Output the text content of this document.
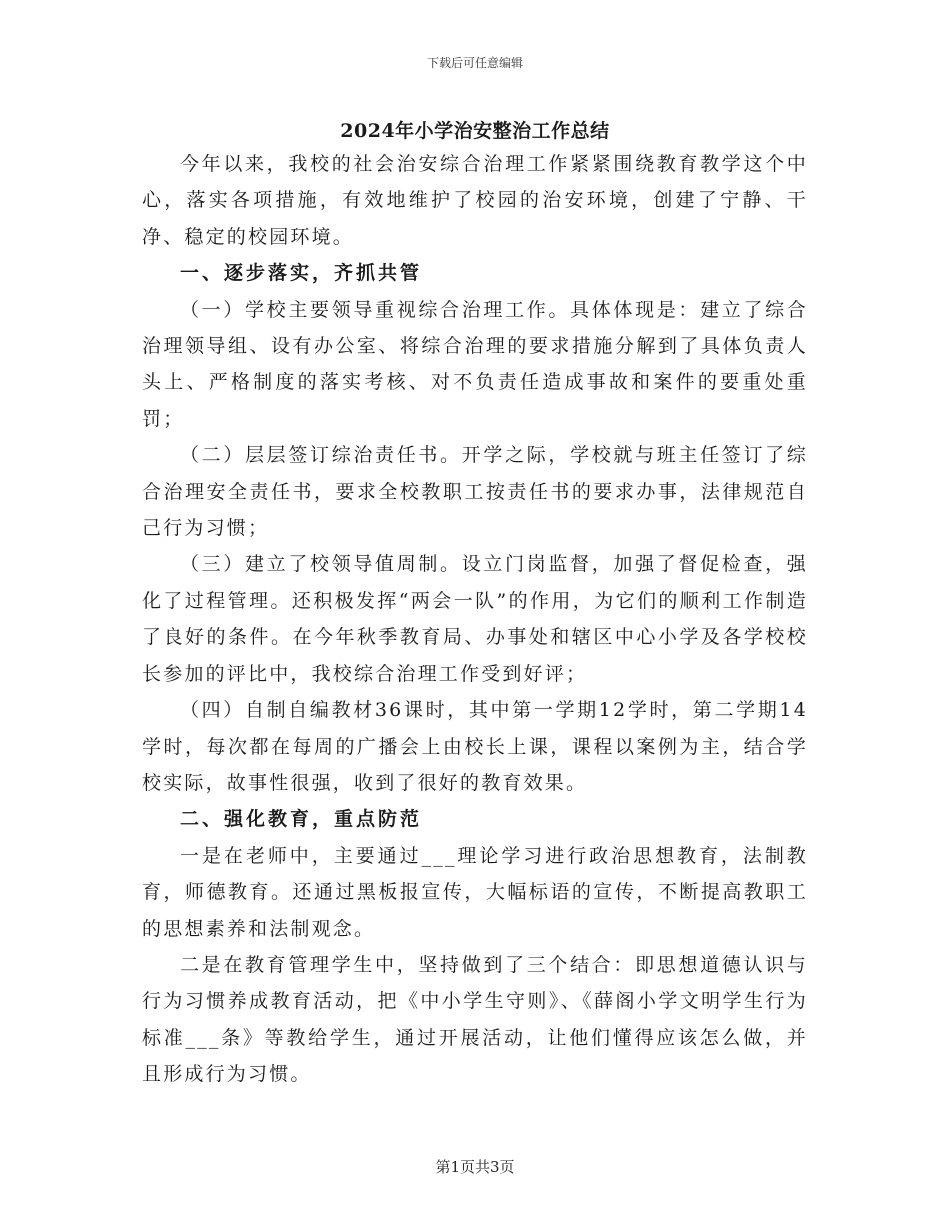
下载后可任意编辑
2024年小学治安整治工作总结

今年以来，我校的社会治安综合治理工作紧紧围绕教育教学这个中心，落实各项措施，有效地维护了校园的治安环境，创建了宁静、干净、稳定的校园环境。

一、逐步落实，齐抓共管

（一）学校主要领导重视综合治理工作。具体体现是：建立了综合治理领导组、设有办公室、将综合治理的要求措施分解到了具体负责人头上、严格制度的落实考核、对不负责任造成事故和案件的要重处重罚；

（二）层层签订综治责任书。开学之际，学校就与班主任签订了综合治理安全责任书，要求全校教职工按责任书的要求办事，法律规范自己行为习惯；

（三）建立了校领导值周制。设立门岗监督，加强了督促检查，强化了过程管理。还积极发挥“两会一队”的作用，为它们的顺利工作制造了良好的条件。在今年秋季教育局、办事处和辖区中心小学及各学校校长参加的评比中，我校综合治理工作受到好评；

（四）自制自编教材36课时，其中第一学期12学时，第二学期14学时，每次都在每周的广播会上由校长上课，课程以案例为主，结合学校实际，故事性很强，收到了很好的教育效果。

二、强化教育，重点防范

一是在老师中，主要通过___理论学习进行政治思想教育，法制教育，师德教育。还通过黑板报宣传，大幅标语的宣传，不断提高教职工的思想素养和法制观念。

二是在教育管理学生中，坚持做到了三个结合：即思想道德认识与行为习惯养成教育活动，把《中小学生守则》、《薛阁小学文明学生行为标准___条》等教给学生，通过开展活动，让他们懂得应该怎么做，并且形成行为习惯。

第1页共3页
